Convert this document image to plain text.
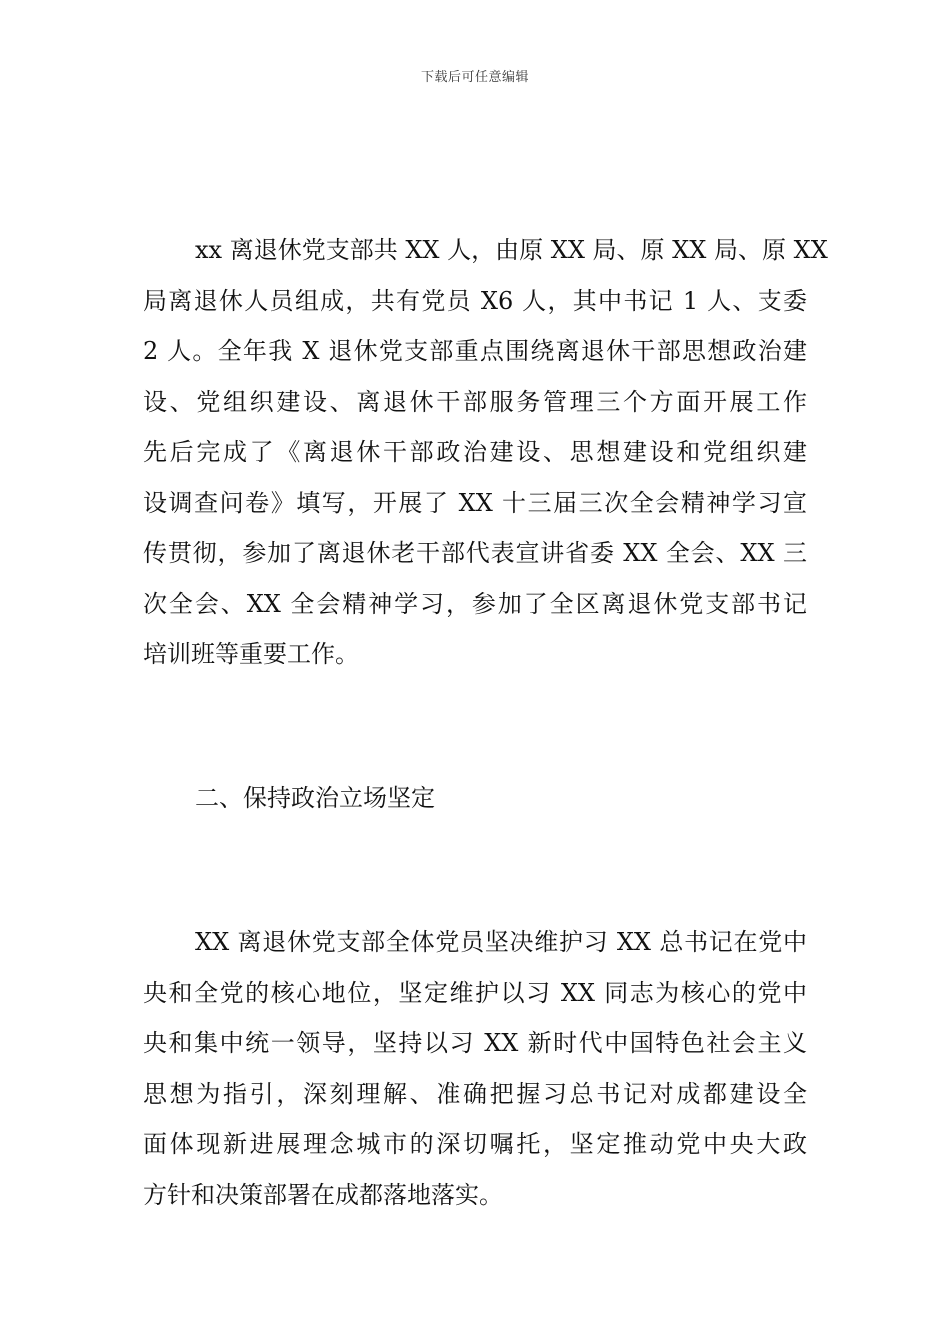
下载后可任意编辑
xx 离退休党支部共 XX 人，由原 XX 局、原 XX 局、原 XX
局离退休人员组成，共有党员 X6 人，其中书记 1 人、支委
2 人。全年我 X 退休党支部重点围绕离退休干部思想政治建
设、党组织建设、离退休干部服务管理三个方面开展工作
先后完成了《离退休干部政治建设、思想建设和党组织建
设调查问卷》填写，开展了 XX 十三届三次全会精神学习宣
传贯彻，参加了离退休老干部代表宣讲省委 XX 全会、XX 三
次全会、XX 全会精神学习，参加了全区离退休党支部书记
培训班等重要工作。
二、保持政治立场坚定
XX 离退休党支部全体党员坚决维护习 XX 总书记在党中
央和全党的核心地位，坚定维护以习 XX 同志为核心的党中
央和集中统一领导，坚持以习 XX 新时代中国特色社会主义
思想为指引，深刻理解、准确把握习总书记对成都建设全
面体现新进展理念城市的深切嘱托，坚定推动党中央大政
方针和决策部署在成都落地落实。
